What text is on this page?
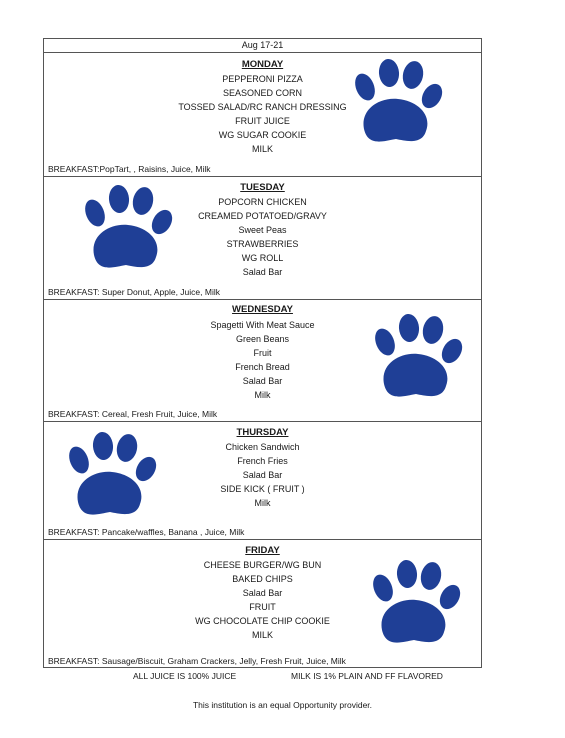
Aug 17-21
MONDAY
PEPPERONI PIZZA
SEASONED CORN
TOSSED SALAD/RC RANCH DRESSING
FRUIT JUICE
WG SUGAR COOKIE
MILK
BREAKFAST:PopTart, , Raisins, Juice, Milk
TUESDAY
POPCORN CHICKEN
CREAMED POTATOED/GRAVY
Sweet Peas
STRAWBERRIES
WG ROLL
Salad Bar
BREAKFAST: Super Donut, Apple, Juice, Milk
WEDNESDAY
Spagetti With Meat Sauce
Green Beans
Fruit
French Bread
Salad Bar
Milk
BREAKFAST: Cereal, Fresh Fruit, Juice, Milk
THURSDAY
Chicken Sandwich
French Fries
Salad Bar
SIDE KICK ( FRUIT )
Milk
BREAKFAST: Pancake/waffles, Banana , Juice, Milk
FRIDAY
CHEESE BURGER/WG BUN
BAKED CHIPS
Salad Bar
FRUIT
WG CHOCOLATE CHIP COOKIE
MILK
BREAKFAST: Sausage/Biscuit, Graham Crackers, Jelly, Fresh Fruit, Juice, Milk
ALL JUICE IS 100% JUICE	MILK IS 1% PLAIN AND FF FLAVORED
This institution is an equal Opportunity provider.
